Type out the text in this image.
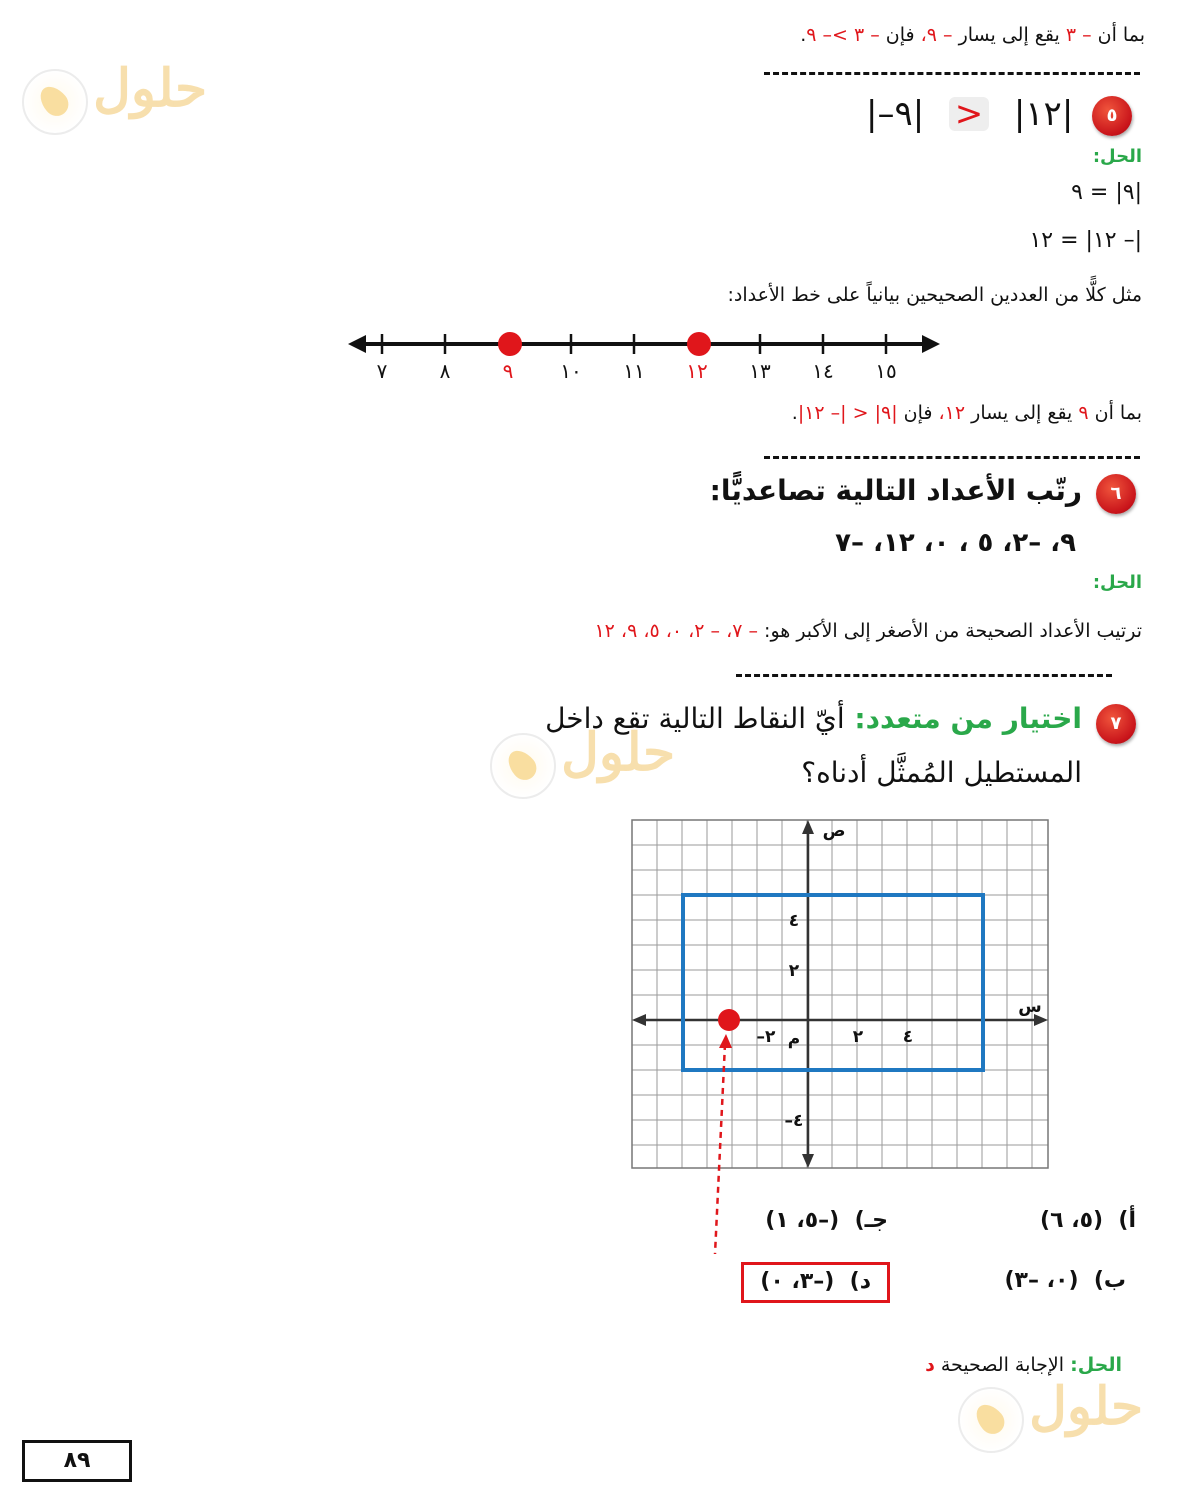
حلول
حلول
حلول
بما أن – ٣ يقع إلى يسار – ٩، فإن – ٣ >– ٩.
٥
|–١٢| > |٩|
الحل:
|٩| = ٩
|– ١٢| = ١٢
مثل كلًّا من العددين الصحيحين بيانياً على خط الأعداد:
٧	٨	٩ ١٠ ١١ ١٢ ١٣ ١٤ ١٥
بما أن ٩ يقع إلى يسار ١٢، فإن |٩| < |– ١٢|.
٦
رتّب الأعداد التالية تصاعديًّا:
٩، –٢، ٥ ، ٠، ١٢، –٧
الحل:
ترتيب الأعداد الصحيحة من الأصغر إلى الأكبر هو: – ٧، – ٢، ٠، ٥، ٩، ١٢
٧
اختيار من متعدد: أيّ النقاط التالية تقع داخل
المستطيل المُمثَّل أدناه؟
ص
س
م
–٢	٢ ٤
٤
٢
–٤
أ)  (٥، ٦)
جـ)  (–٥، ١)
ب)  (٠، –٣)
د)  (–٣، ٠)
الحل: الإجابة الصحيحة د
٨٩
